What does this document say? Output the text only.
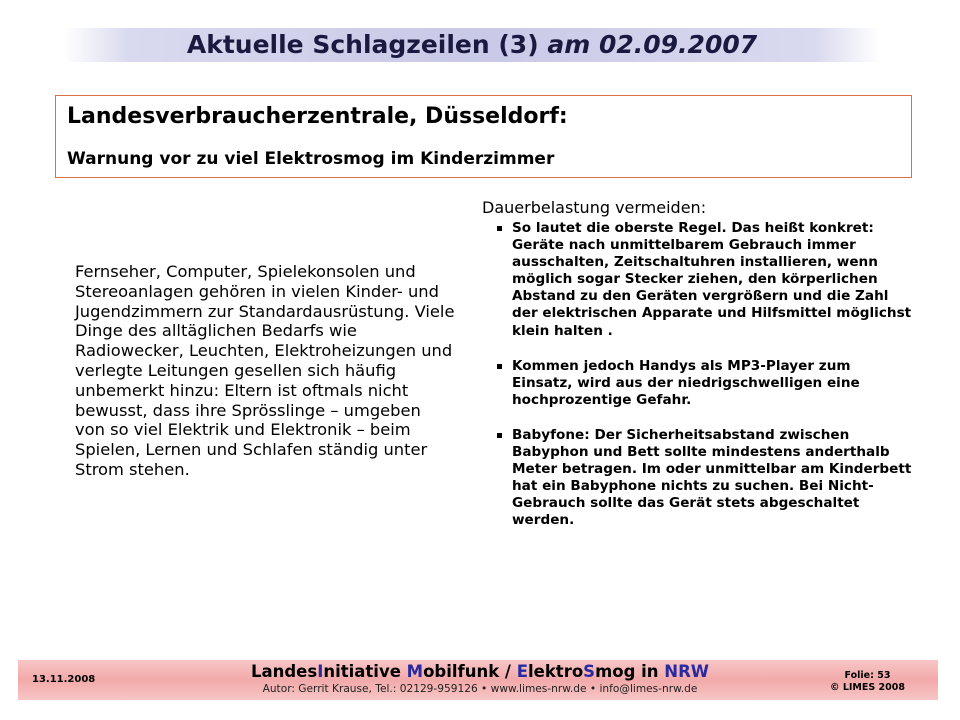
Aktuelle Schlagzeilen (3) am 02.09.2007
Landesverbraucherzentrale, Düsseldorf:
Warnung vor zu viel Elektrosmog im Kinderzimmer
Fernseher, Computer, Spielekonsolen und Stereoanlagen gehören in vielen Kinder- und Jugendzimmern zur Standardausrüstung. Viele Dinge des alltäglichen Bedarfs wie Radiowecker, Leuchten, Elektroheizungen und verlegte Leitungen gesellen sich häufig unbemerkt hinzu: Eltern ist oftmals nicht bewusst, dass ihre Sprösslinge – umgeben von so viel Elektrik und Elektronik – beim Spielen, Lernen und Schlafen ständig unter Strom stehen.
Dauerbelastung vermeiden:
So lautet die oberste Regel. Das heißt konkret: Geräte nach unmittelbarem Gebrauch immer ausschalten, Zeitschaltuhren installieren, wenn möglich sogar Stecker ziehen, den körperlichen Abstand zu den Geräten vergrößern und die Zahl der elektrischen Apparate und Hilfsmittel möglichst klein halten .
Kommen jedoch Handys als MP3-Player zum Einsatz, wird aus der niedrigschwelligen eine hochprozentige Gefahr.
Babyfone: Der Sicherheitsabstand zwischen Babyphon und Bett sollte mindestens anderthalb Meter betragen. Im oder unmittelbar am Kinderbett hat ein Babyphone nichts zu suchen. Bei Nicht-Gebrauch sollte das Gerät stets abgeschaltet werden.
13.11.2008	LandesInitiative Mobilfunk / ElektroSmog in NRW
Autor: Gerrit Krause, Tel.: 02129-959126 • www.limes-nrw.de • info@limes-nrw.de
Folie: 53
© LIMES 2008
